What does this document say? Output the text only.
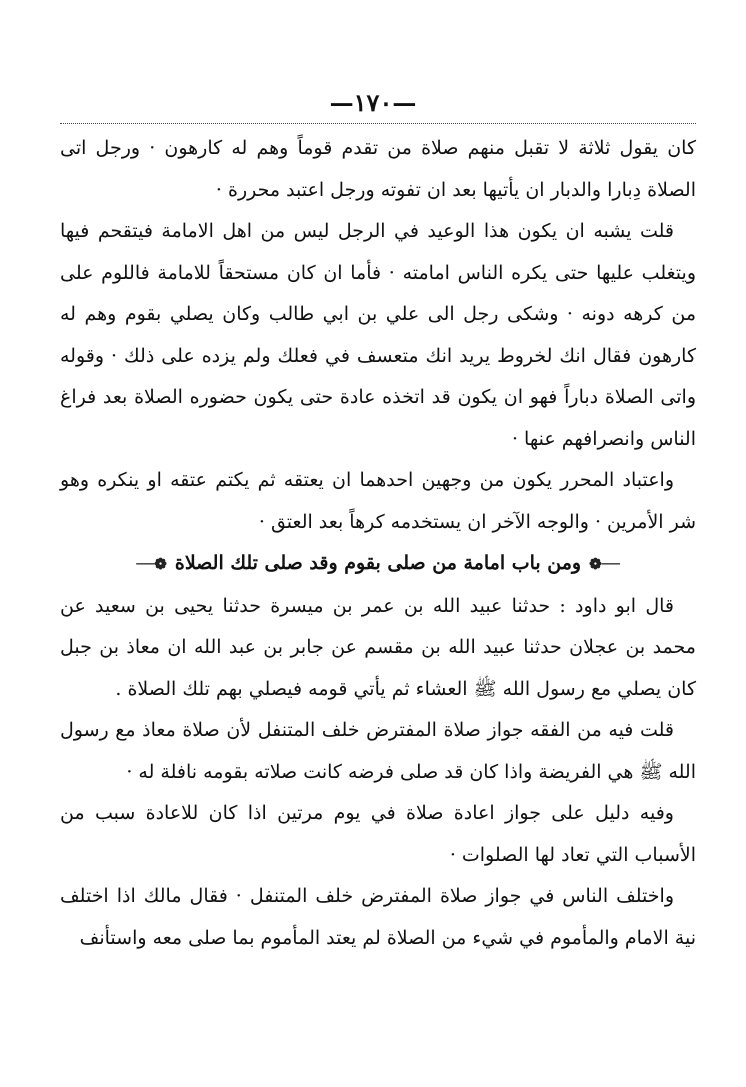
—١٧٠—

كان يقول ثلاثة لا تقبل منهم صلاة من تقدم قوماً وهم له كارهون · ورجل اتى الصلاة دِبارا والدبار ان يأتيها بعد ان تفوته ورجل اعتبد محررة ·

قلت يشبه ان يكون هذا الوعيد في الرجل ليس من اهل الامامة فيتقحم فيها ويتغلب عليها حتى يكره الناس امامته · فأما ان كان مستحقاً للامامة فاللوم على من كرهه دونه · وشكى رجل الى علي بن ابي طالب وكان يصلي بقوم وهم له كارهون فقال انك لخروط يريد انك متعسف في فعلك ولم يزده على ذلك · وقوله واتى الصلاة دباراً فهو ان يكون قد اتخذه عادة حتى يكون حضوره الصلاة بعد فراغ الناس وانصرافهم عنها ·

واعتباد المحرر يكون من وجهين احدهما ان يعتقه ثم يكتم عتقه او ينكره وهو شر الأمرين · والوجه الآخر ان يستخدمه كرهاً بعد العتق ·

──❁ومن باب امامة من صلى بقوم وقد صلى تلك الصلاة❁──

قال ابو داود : حدثنا عبيد الله بن عمر بن ميسرة حدثنا يحيى بن سعيد عن محمد بن عجلان حدثنا عبيد الله بن مقسم عن جابر بن عبد الله ان معاذ بن جبل كان يصلي مع رسول الله ﷺ العشاء ثم يأتي قومه فيصلي بهم تلك الصلاة .

قلت فيه من الفقه جواز صلاة المفترض خلف المتنفل لأن صلاة معاذ مع رسول الله ﷺ هي الفريضة واذا كان قد صلى فرضه كانت صلاته بقومه نافلة له ·

وفيه دليل على جواز اعادة صلاة في يوم مرتين اذا كان للاعادة سبب من الأسباب التي تعاد لها الصلوات ·

واختلف الناس في جواز صلاة المفترض خلف المتنفل · فقال مالك اذا اختلف نية الامام والمأموم في شيء من الصلاة لم يعتد المأموم بما صلى معه واستأنف
